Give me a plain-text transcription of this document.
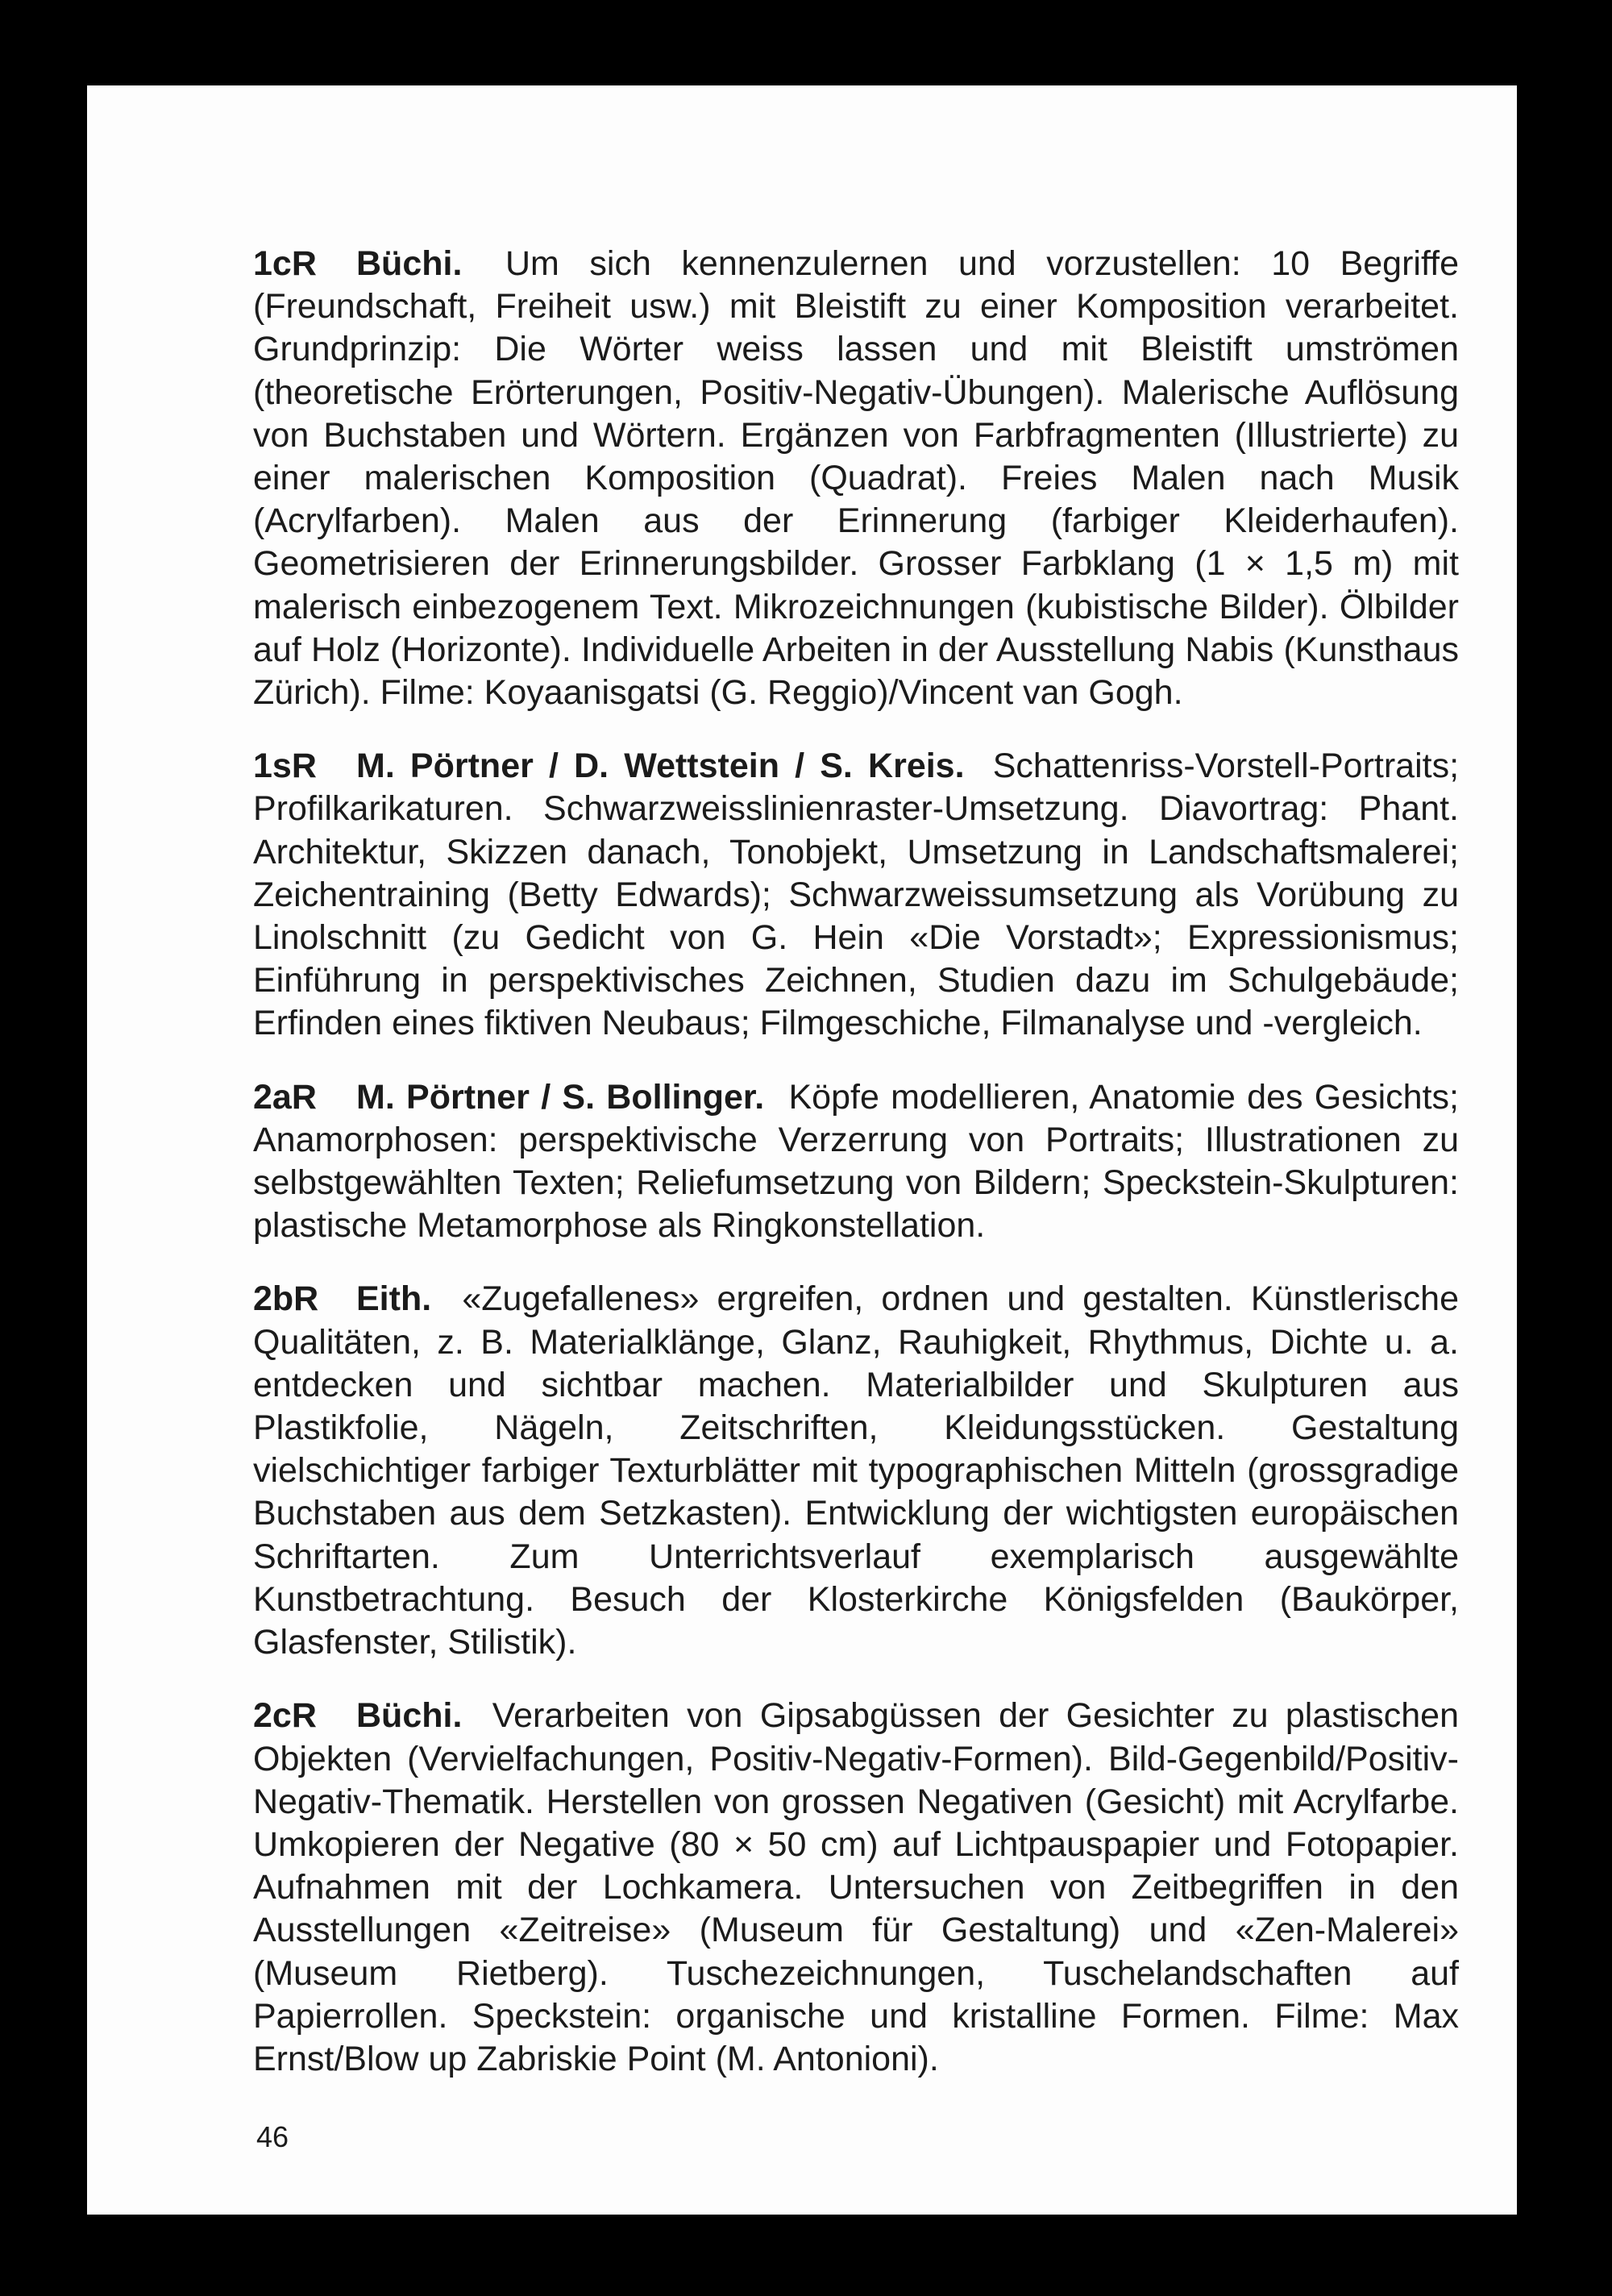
1cR Büchi. Um sich kennenzulernen und vorzustellen: 10 Begriffe (Freundschaft, Freiheit usw.) mit Bleistift zu einer Komposition verarbeitet. Grundprinzip: Die Wörter weiss lassen und mit Bleistift umströmen (theoretische Erörterungen, Positiv-Negativ-Übungen). Malerische Auflösung von Buchstaben und Wörtern. Ergänzen von Farbfragmenten (Illustrierte) zu einer malerischen Komposition (Quadrat). Freies Malen nach Musik (Acrylfarben). Malen aus der Erinnerung (farbiger Kleiderhaufen). Geometrisieren der Erinnerungsbilder. Grosser Farbklang (1 × 1,5 m) mit malerisch einbezogenem Text. Mikrozeichnungen (kubistische Bilder). Ölbilder auf Holz (Horizonte). Individuelle Arbeiten in der Ausstellung Nabis (Kunsthaus Zürich). Filme: Koyaanisgatsi (G. Reggio)/Vincent van Gogh.

1sR M. Pörtner / D. Wettstein / S. Kreis. Schattenriss-Vorstell-Portraits; Profilkarikaturen. Schwarzweisslinienraster-Umsetzung. Diavortrag: Phant. Architektur, Skizzen danach, Tonobjekt, Umsetzung in Landschaftsmalerei; Zeichentraining (Betty Edwards); Schwarzweissumsetzung als Vorübung zu Linolschnitt (zu Gedicht von G. Hein «Die Vorstadt»; Expressionismus; Einführung in perspektivisches Zeichnen, Studien dazu im Schulgebäude; Erfinden eines fiktiven Neubaus; Filmgeschiche, Filmanalyse und -vergleich.

2aR M. Pörtner / S. Bollinger. Köpfe modellieren, Anatomie des Gesichts; Anamorphosen: perspektivische Verzerrung von Portraits; Illustrationen zu selbstgewählten Texten; Reliefumsetzung von Bildern; Speckstein-Skulpturen: plastische Metamorphose als Ringkonstellation.

2bR Eith. «Zugefallenes» ergreifen, ordnen und gestalten. Künstlerische Qualitäten, z. B. Materialklänge, Glanz, Rauhigkeit, Rhythmus, Dichte u. a. entdecken und sichtbar machen. Materialbilder und Skulpturen aus Plastikfolie, Nägeln, Zeitschriften, Kleidungsstücken. Gestaltung vielschichtiger farbiger Texturblätter mit typographischen Mitteln (grossgradige Buchstaben aus dem Setzkasten). Entwicklung der wichtigsten europäischen Schriftarten. Zum Unterrichtsverlauf exemplarisch ausgewählte Kunstbetrachtung. Besuch der Klosterkirche Königsfelden (Baukörper, Glasfenster, Stilistik).

2cR Büchi. Verarbeiten von Gipsabgüssen der Gesichter zu plastischen Objekten (Vervielfachungen, Positiv-Negativ-Formen). Bild-Gegenbild/Positiv-Negativ-Thematik. Herstellen von grossen Negativen (Gesicht) mit Acrylfarbe. Umkopieren der Negative (80 × 50 cm) auf Lichtpauspapier und Fotopapier. Aufnahmen mit der Lochkamera. Untersuchen von Zeitbegriffen in den Ausstellungen «Zeitreise» (Museum für Gestaltung) und «Zen-Malerei» (Museum Rietberg). Tuschezeichnungen, Tuschelandschaften auf Papierrollen. Speckstein: organische und kristalline Formen. Filme: Max Ernst/Blow up Zabriskie Point (M. Antonioni).

46
